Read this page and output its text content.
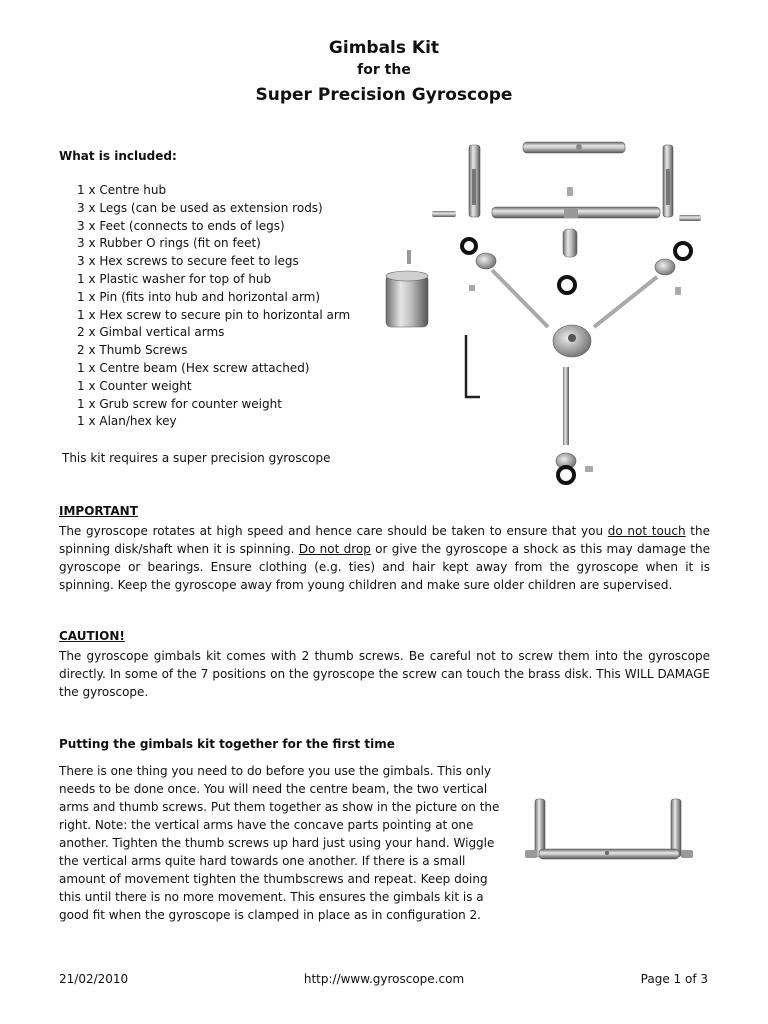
Gimbals Kit
for the
Super Precision Gyroscope
What is included:
1 x Centre hub
3 x Legs (can be used as extension rods)
3 x Feet (connects to ends of legs)
3 x Rubber O rings (fit on feet)
3 x Hex screws to secure feet to legs
1 x Plastic washer for top of hub
1 x Pin (fits into hub and horizontal arm)
1 x Hex screw to secure pin to horizontal arm
2 x Gimbal vertical arms
2 x Thumb Screws
1 x Centre beam (Hex screw attached)
1 x Counter weight
1 x Grub screw for counter weight
1 x Alan/hex key
This kit requires a super precision gyroscope
IMPORTANT
The gyroscope rotates at high speed and hence care should be taken to ensure that you do not touch the spinning disk/shaft when it is spinning. Do not drop or give the gyroscope a shock as this may damage the gyroscope or bearings. Ensure clothing (e.g. ties) and hair kept away from the gyroscope when it is spinning. Keep the gyroscope away from young children and make sure older children are supervised.
CAUTION!
The gyroscope gimbals kit comes with 2 thumb screws. Be careful not to screw them into the gyroscope directly. In some of the 7 positions on the gyroscope the screw can touch the brass disk. This WILL DAMAGE the gyroscope.
Putting the gimbals kit together for the first time
There is one thing you need to do before you use the gimbals. This only needs to be done once. You will need the centre beam, the two vertical arms and thumb screws. Put them together as show in the picture on the right. Note: the vertical arms have the concave parts pointing at one another. Tighten the thumb screws up hard just using your hand. Wiggle the vertical arms quite hard towards one another. If there is a small amount of movement tighten the thumbscrews and repeat. Keep doing this until there is no more movement. This ensures the gimbals kit is a good fit when the gyroscope is clamped in place as in configuration 2.
21/02/2010	http://www.gyroscope.com	Page 1 of 3
